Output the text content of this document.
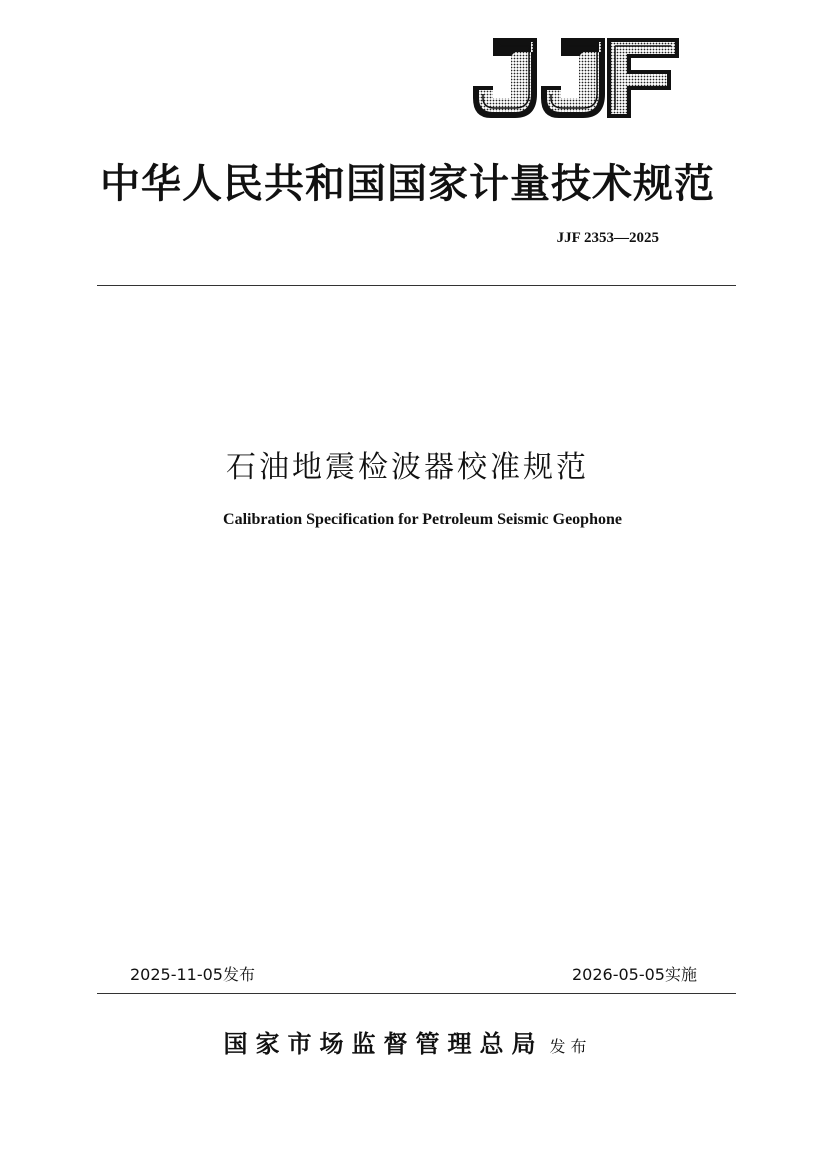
中华人民共和国国家计量技术规范
JJF 2353—2025
石油地震检波器校准规范
Calibration Specification for Petroleum Seismic Geophone
2025-11-05发布	2026-05-05实施
国家市场监督管理总局 发布
